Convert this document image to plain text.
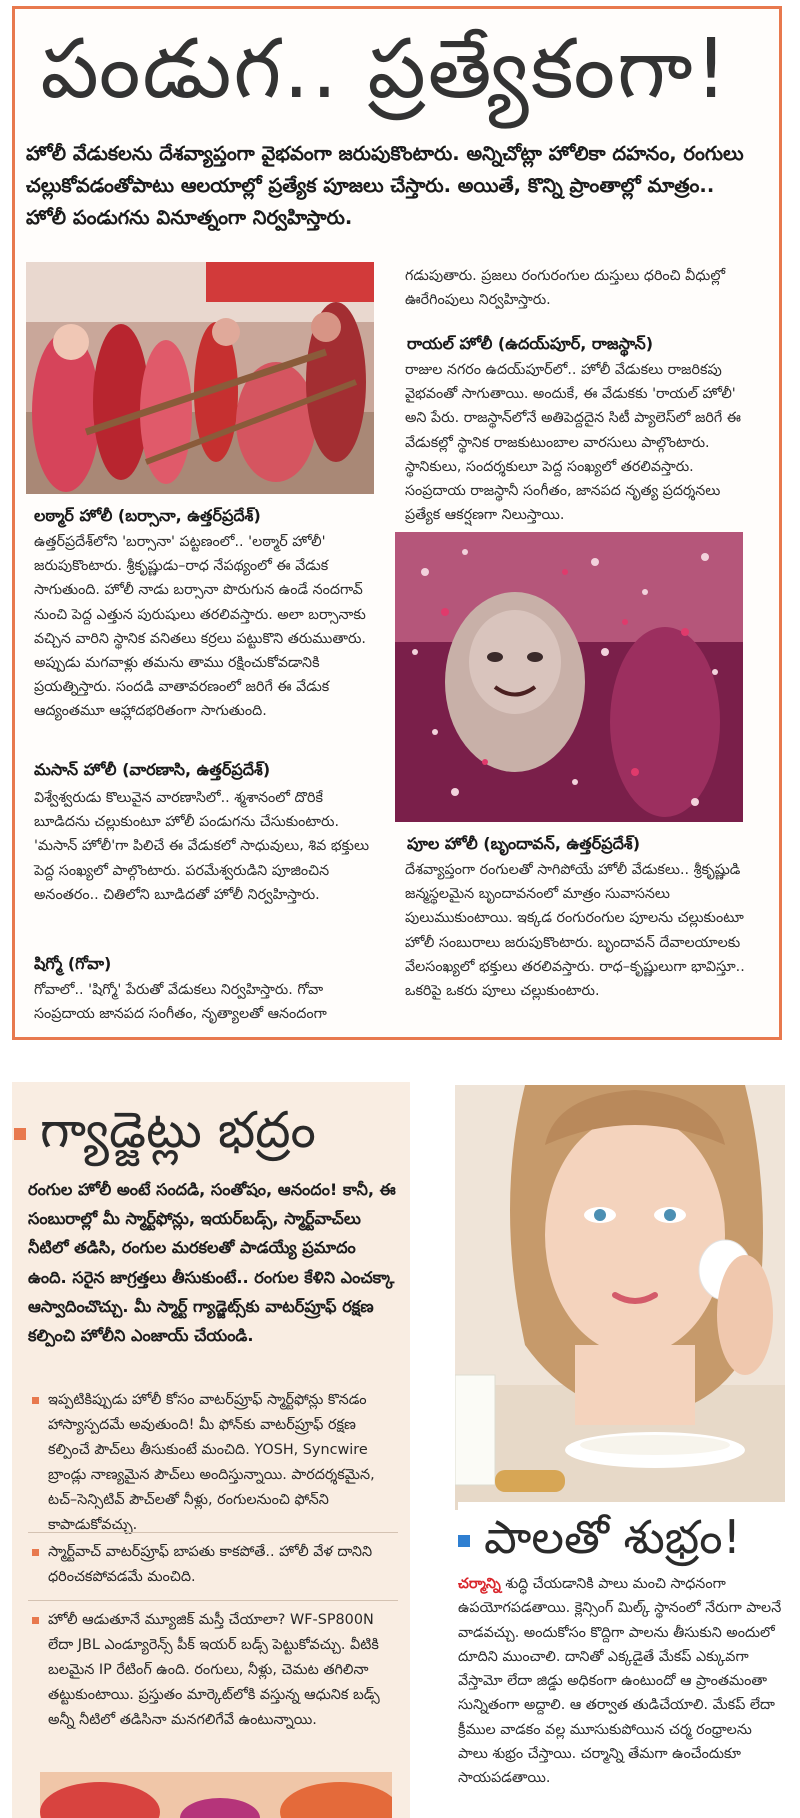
పండుగ.. ప్రత్యేకంగా!

హోలీ వేడుకలను దేశవ్యాప్తంగా వైభవంగా జరుపుకొంటారు. అన్నిచోట్లా హోలికా దహనం, రంగులు చల్లుకోవడంతోపాటు ఆలయాల్లో ప్రత్యేక పూజలు చేస్తారు. అయితే, కొన్ని ప్రాంతాల్లో మాత్రం.. హోలీ పండుగను వినూత్నంగా నిర్వహిస్తారు.

లఠ్మార్ హోలీ (బర్సానా, ఉత్తర్‌ప్రదేశ్)

ఉత్తర్‌ప్రదేశ్‌లోని 'బర్సానా' పట్టణంలో.. 'లఠ్మార్ హోలీ' జరుపుకొంటారు. శ్రీకృష్ణుడు–రాధ నేపథ్యంలో ఈ వేడుక సాగుతుంది. హోలీ నాడు బర్సానా పొరుగున ఉండే నందగావ్ నుంచి పెద్ద ఎత్తున పురుషులు తరలివస్తారు. అలా బర్సానాకు వచ్చిన వారిని స్థానిక వనితలు కర్రలు పట్టుకొని తరుముతారు. అప్పుడు మగవాళ్లు తమను తాము రక్షించుకోవడానికి ప్రయత్నిస్తారు. సందడి వాతావరణంలో జరిగే ఈ వేడుక ఆద్యంతమూ ఆహ్లాదభరితంగా సాగుతుంది.

మసాన్ హోలీ (వారణాసి, ఉత్తర్‌ప్రదేశ్)

విశ్వేశ్వరుడు కొలువైన వారణాసిలో.. శ్మశానంలో దొరికే బూడిదను చల్లుకుంటూ హోలీ పండుగను చేసుకుంటారు. 'మసాన్ హోలీ'గా పిలిచే ఈ వేడుకలో సాధువులు, శివ భక్తులు పెద్ద సంఖ్యలో పాల్గొంటారు. పరమేశ్వరుడిని పూజించిన అనంతరం.. చితిలోని బూడిదతో హోలీ నిర్వహిస్తారు.

షిగ్మో (గోవా)

గోవాలో.. 'షిగ్మో' పేరుతో వేడుకలు నిర్వహిస్తారు. గోవా సంప్రదాయ జానపద సంగీతం, నృత్యాలతో ఆనందంగా

గడుపుతారు. ప్రజలు రంగురంగుల దుస్తులు ధరించి వీధుల్లో ఊరేగింపులు నిర్వహిస్తారు.

రాయల్ హోలీ (ఉదయ్‌పూర్, రాజస్థాన్)

రాజుల నగరం ఉదయ్‌పూర్‌లో.. హోలీ వేడుకలు రాజరికపు వైభవంతో సాగుతాయి. అందుకే, ఈ వేడుకకు 'రాయల్ హోలీ' అని పేరు. రాజస్థాన్‌లోనే అతిపెద్దదైన సిటీ ప్యాలెస్‌లో జరిగే ఈ వేడుకల్లో స్థానిక రాజకుటుంబాల వారసులు పాల్గొంటారు. స్థానికులు, సందర్శకులూ పెద్ద సంఖ్యలో తరలివస్తారు. సంప్రదాయ రాజస్థానీ సంగీతం, జానపద నృత్య ప్రదర్శనలు ప్రత్యేక ఆకర్షణగా నిలుస్తాయి.

పూల హోలీ (బృందావన్, ఉత్తర్‌ప్రదేశ్)

దేశవ్యాప్తంగా రంగులతో సాగిపోయే హోలీ వేడుకలు.. శ్రీకృష్ణుడి జన్మస్థలమైన బృందావనంలో మాత్రం సువాసనలు పులుముకుంటాయి. ఇక్కడ రంగురంగుల పూలను చల్లుకుంటూ హోలీ సంబురాలు జరుపుకొంటారు. బృందావన్ దేవాలయాలకు వేలసంఖ్యలో భక్తులు తరలివస్తారు. రాధ–కృష్ణులుగా భావిస్తూ.. ఒకరిపై ఒకరు పూలు చల్లుకుంటారు.

గ్యాడ్జెట్లు భద్రం

రంగుల హోలీ అంటే సందడి, సంతోషం, ఆనందం! కానీ, ఈ సంబురాల్లో మీ స్మార్ట్‌ఫోన్లు, ఇయర్‌బడ్స్, స్మార్ట్‌వాచ్‌లు నీటిలో తడిసి, రంగుల మరకలతో పాడయ్యే ప్రమాదం ఉంది. సరైన జాగ్రత్తలు తీసుకుంటే.. రంగుల కేళిని ఎంచక్కా ఆస్వాదించొచ్చు. మీ స్మార్ట్ గ్యాడ్జెట్స్‌కు వాటర్‌ప్రూఫ్ రక్షణ కల్పించి హోలీని ఎంజాయ్ చేయండి.

ఇప్పటికిప్పుడు హోలీ కోసం వాటర్‌ప్రూఫ్ స్మార్ట్‌ఫోన్లు కొనడం హాస్యాస్పదమే అవుతుంది! మీ ఫోన్‌కు వాటర్‌ప్రూఫ్ రక్షణ కల్పించే పౌచ్‌లు తీసుకుంటే మంచిది. YOSH, Syncwire బ్రాండ్లు నాణ్యమైన పౌచ్‌లు అందిస్తున్నాయి. పారదర్శకమైన, టచ్–సెన్సిటివ్ పౌచ్‌లతో నీళ్లు, రంగులనుంచి ఫోన్‌ని కాపాడుకోవచ్చు.
స్మార్ట్‌వాచ్ వాటర్‌ప్రూఫ్ బాపతు కాకపోతే.. హోలీ వేళ దానిని ధరించకపోవడమే మంచిది.
హోలీ ఆడుతూనే మ్యూజిక్ మస్తీ చేయాలా? WF-SP800N లేదా JBL ఎండ్యూరెన్స్ పీక్ ఇయర్ బడ్స్ పెట్టుకోవచ్చు. వీటికి బలమైన IP రేటింగ్ ఉంది. రంగులు, నీళ్లు, చెమట తగిలినా తట్టుకుంటాయి. ప్రస్తుతం మార్కెట్‌లోకి వస్తున్న ఆధునిక బడ్స్ అన్నీ నీటిలో తడిసినా మనగలిగేవే ఉంటున్నాయి.
పాలతో శుభ్రం!

చర్మాన్ని శుద్ధి చేయడానికి పాలు మంచి సాధనంగా ఉపయోగపడతాయి. క్లెన్సింగ్ మిల్క్ స్థానంలో నేరుగా పాలనే వాడవచ్చు. అందుకోసం కొద్దిగా పాలను తీసుకుని అందులో దూదిని ముంచాలి. దానితో ఎక్కడైతే మేకప్ ఎక్కువగా వేస్తామో లేదా జిడ్డు అధికంగా ఉంటుందో ఆ ప్రాంతమంతా సున్నితంగా అద్దాలి. ఆ తర్వాత తుడిచేయాలి. మేకప్ లేదా క్రీముల వాడకం వల్ల మూసుకుపోయిన చర్మ రంధ్రాలను పాలు శుభ్రం చేస్తాయి. చర్మాన్ని తేమగా ఉంచేందుకూ సాయపడతాయి.
